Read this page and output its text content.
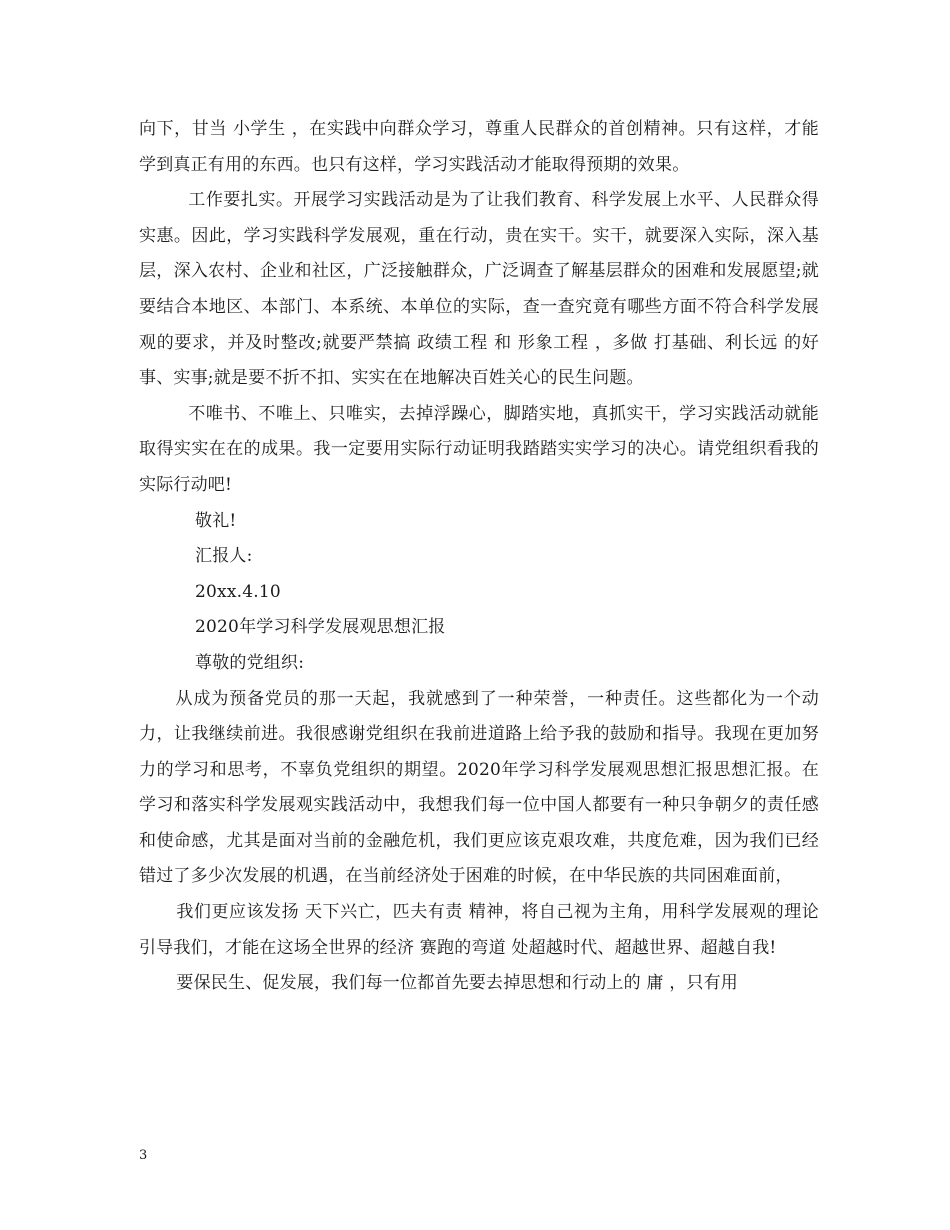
向下，甘当 小学生 ，在实践中向群众学习，尊重人民群众的首创精神。只有这样，才能学到真正有用的东西。也只有这样，学习实践活动才能取得预期的效果。

工作要扎实。开展学习实践活动是为了让我们教育、科学发展上水平、人民群众得实惠。因此，学习实践科学发展观，重在行动，贵在实干。实干，就要深入实际，深入基层，深入农村、企业和社区，广泛接触群众，广泛调查了解基层群众的困难和发展愿望;就要结合本地区、本部门、本系统、本单位的实际，查一查究竟有哪些方面不符合科学发展观的要求，并及时整改;就要严禁搞 政绩工程 和 形象工程 ，多做 打基础、利长远 的好事、实事;就是要不折不扣、实实在在地解决百姓关心的民生问题。

不唯书、不唯上、只唯实，去掉浮躁心，脚踏实地，真抓实干，学习实践活动就能取得实实在在的成果。我一定要用实际行动证明我踏踏实实学习的决心。请党组织看我的实际行动吧!

敬礼!

汇报人:

20xx.4.10

2020年学习科学发展观思想汇报

尊敬的党组织:

从成为预备党员的那一天起，我就感到了一种荣誉，一种责任。这些都化为一个动力，让我继续前进。我很感谢党组织在我前进道路上给予我的鼓励和指导。我现在更加努力的学习和思考，不辜负党组织的期望。2020年学习科学发展观思想汇报思想汇报。在学习和落实科学发展观实践活动中，我想我们每一位中国人都要有一种只争朝夕的责任感和使命感，尤其是面对当前的金融危机，我们更应该克艰攻难，共度危难，因为我们已经错过了多少次发展的机遇，在当前经济处于困难的时候，在中华民族的共同困难面前，

我们更应该发扬 天下兴亡，匹夫有责 精神，将自己视为主角，用科学发展观的理论引导我们，才能在这场全世界的经济 赛跑的弯道 处超越时代、超越世界、超越自我!

要保民生、促发展，我们每一位都首先要去掉思想和行动上的 庸 ，只有用

3
